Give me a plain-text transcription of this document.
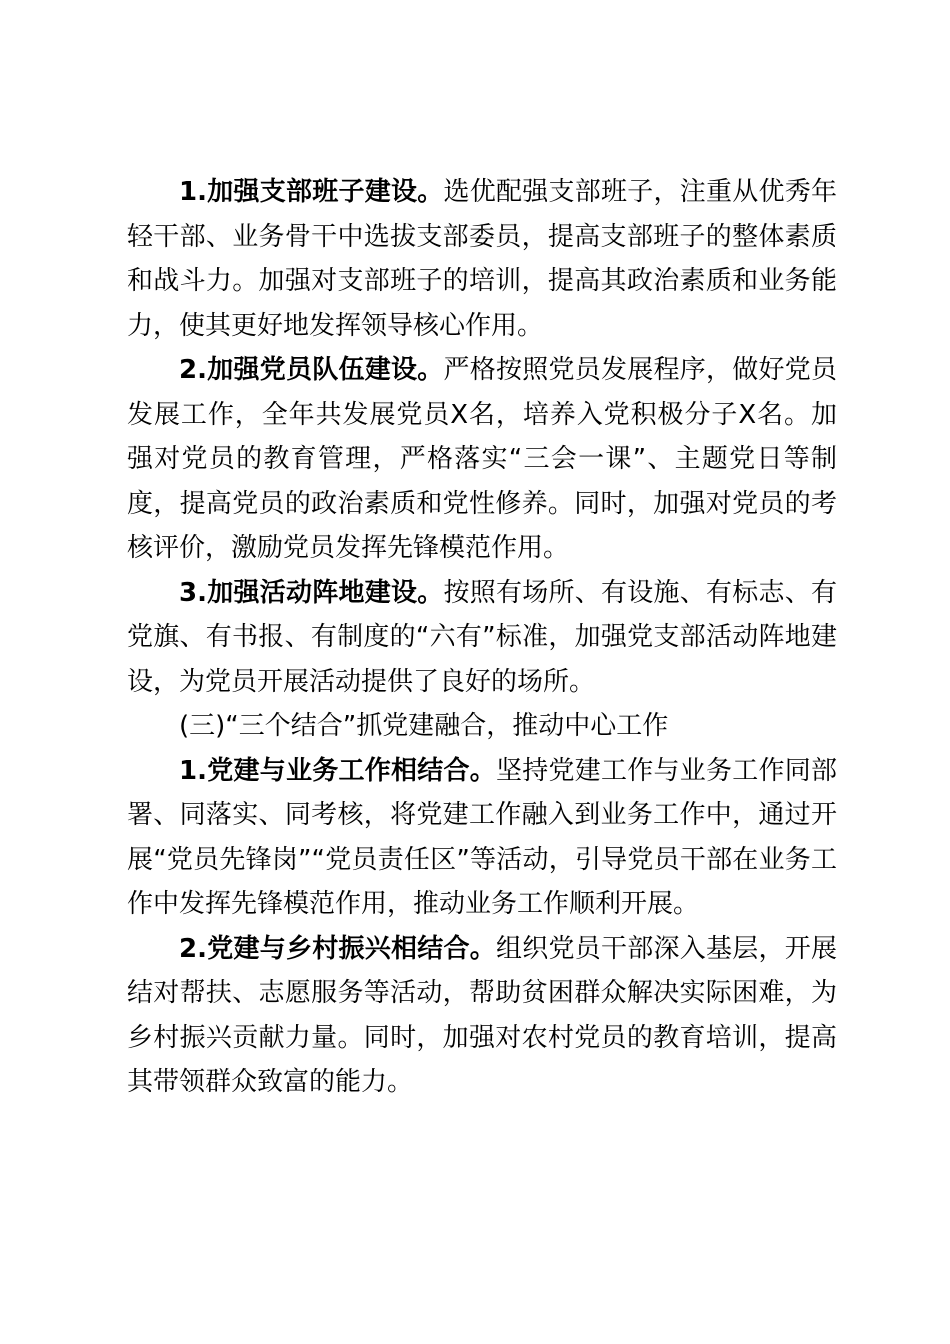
1.加强支部班子建设。选优配强支部班子，注重从优秀年轻干部、业务骨干中选拔支部委员，提高支部班子的整体素质和战斗力。加强对支部班子的培训，提高其政治素质和业务能力，使其更好地发挥领导核心作用。

2.加强党员队伍建设。严格按照党员发展程序，做好党员发展工作，全年共发展党员X名，培养入党积极分子X名。加强对党员的教育管理，严格落实“三会一课”、主题党日等制度，提高党员的政治素质和党性修养。同时，加强对党员的考核评价，激励党员发挥先锋模范作用。

3.加强活动阵地建设。按照有场所、有设施、有标志、有党旗、有书报、有制度的“六有”标准，加强党支部活动阵地建设，为党员开展活动提供了良好的场所。

(三)“三个结合”抓党建融合，推动中心工作

1.党建与业务工作相结合。坚持党建工作与业务工作同部署、同落实、同考核，将党建工作融入到业务工作中，通过开展“党员先锋岗”“党员责任区”等活动，引导党员干部在业务工作中发挥先锋模范作用，推动业务工作顺利开展。

2.党建与乡村振兴相结合。组织党员干部深入基层，开展结对帮扶、志愿服务等活动，帮助贫困群众解决实际困难，为乡村振兴贡献力量。同时，加强对农村党员的教育培训，提高其带领群众致富的能力。
